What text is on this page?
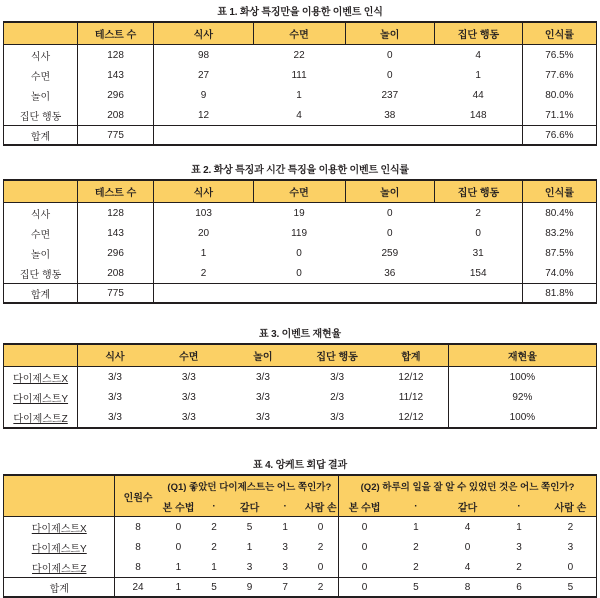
표 1. 화상 특징만을 이용한 이벤트 인식
	테스트 수	식사	수면	놀이	집단 행동	인식률
식사	128	98	22	0	4	76.5%
수면	143	27	111	0	1	77.6%
놀이	296	9	1	237	44	80.0%
집단 행동	208	12	4	38	148	71.1%
합계	775					76.6%
표 2. 화상 특징과 시간 특징을 이용한 이벤트 인식률
	테스트 수	식사	수면	놀이	집단 행동	인식률
식사	128	103	19	0	2	80.4%
수면	143	20	119	0	0	83.2%
놀이	296	1	0	259	31	87.5%
집단 행동	208	2	0	36	154	74.0%
합계	775					81.8%
표 3. 이벤트 재현율
	식사	수면	놀이	집단 행동	합계	재현율
다이제스트X	3/3	3/3	3/3	3/3	12/12	100%
다이제스트Y	3/3	3/3	3/3	2/3	11/12	92%
다이제스트Z	3/3	3/3	3/3	3/3	12/12	100%
표 4. 앙케트 회답 결과
	인원수	(Q1) 좋았던 다이제스트는 어느 쪽인가?					(Q2) 하루의 일을 잘 알 수 있었던 것은 어느 쪽인가?				
		본 수법	·	같다	·	사람 손	본 수법	·	같다	·	사람 손
다이제스트X	8	0	2	5	1	0	0	1	4	1	2
다이제스트Y	8	0	2	1	3	2	0	2	0	3	3
다이제스트Z	8	1	1	3	3	0	0	2	4	2	0
합계	24	1	5	9	7	2	0	5	8	6	5
